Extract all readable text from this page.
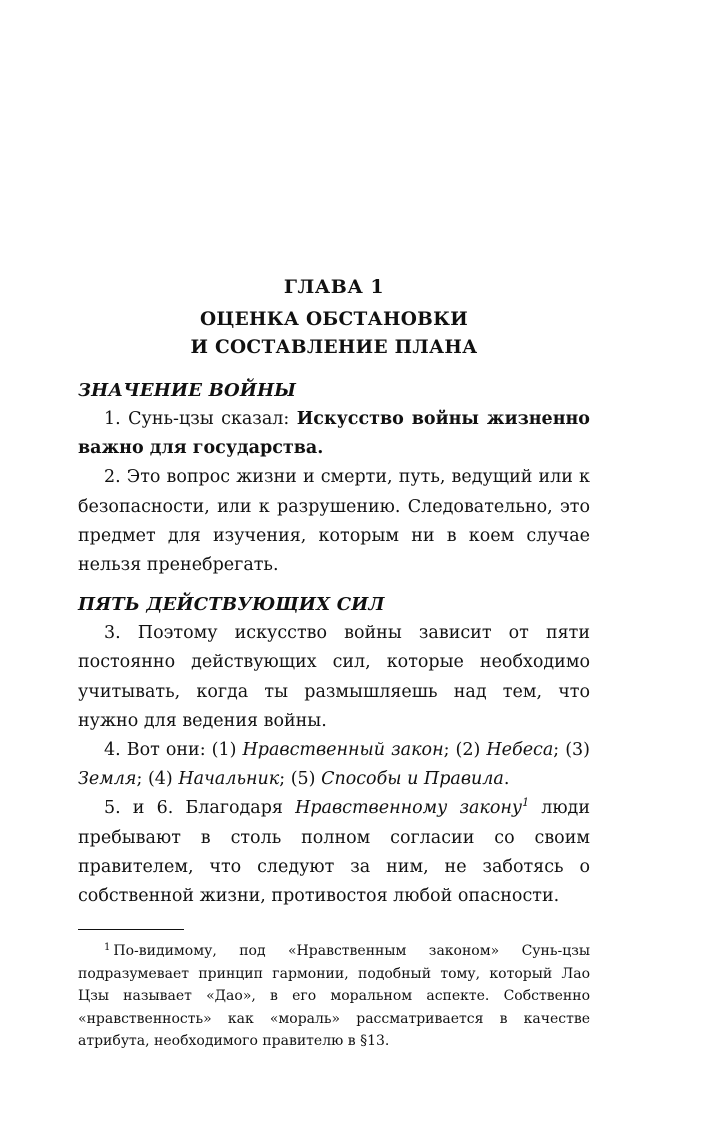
ГЛАВА 1

ОЦЕНКА ОБСТАНОВКИ
И СОСТАВЛЕНИЕ ПЛАНА
ЗНАЧЕНИЕ ВОЙНЫ

1. Сунь-цзы сказал: Искусство войны жизненно важно для государства.

2. Это вопрос жизни и смерти, путь, ведущий или к безопасности, или к разрушению. Следовательно, это предмет для изучения, которым ни в коем случае нельзя пренебрегать.

ПЯТЬ ДЕЙСТВУЮЩИХ СИЛ

3. Поэтому искусство войны зависит от пяти постоянно действующих сил, которые необходимо учитывать, когда ты размышляешь над тем, что нужно для ведения войны.

4. Вот они: (1) Нравственный закон; (2) Небеса; (3) Земля; (4) Начальник; (5) Способы и Правила.

5. и 6. Благодаря Нравственному закону$^1$ люди пребывают в столь полном согласии со своим правителем, что следуют за ним, не заботясь о собственной жизни, противостоя любой опасности.

$^1$ По-видимому, под «Нравственным законом» Сунь-цзы подразумевает принцип гармонии, подобный тому, который Лао Цзы называет «Дао», в его моральном аспекте. Собственно «нравственность» как «мораль» рассматривается в качестве атрибута, необходимого правителю в §13.
